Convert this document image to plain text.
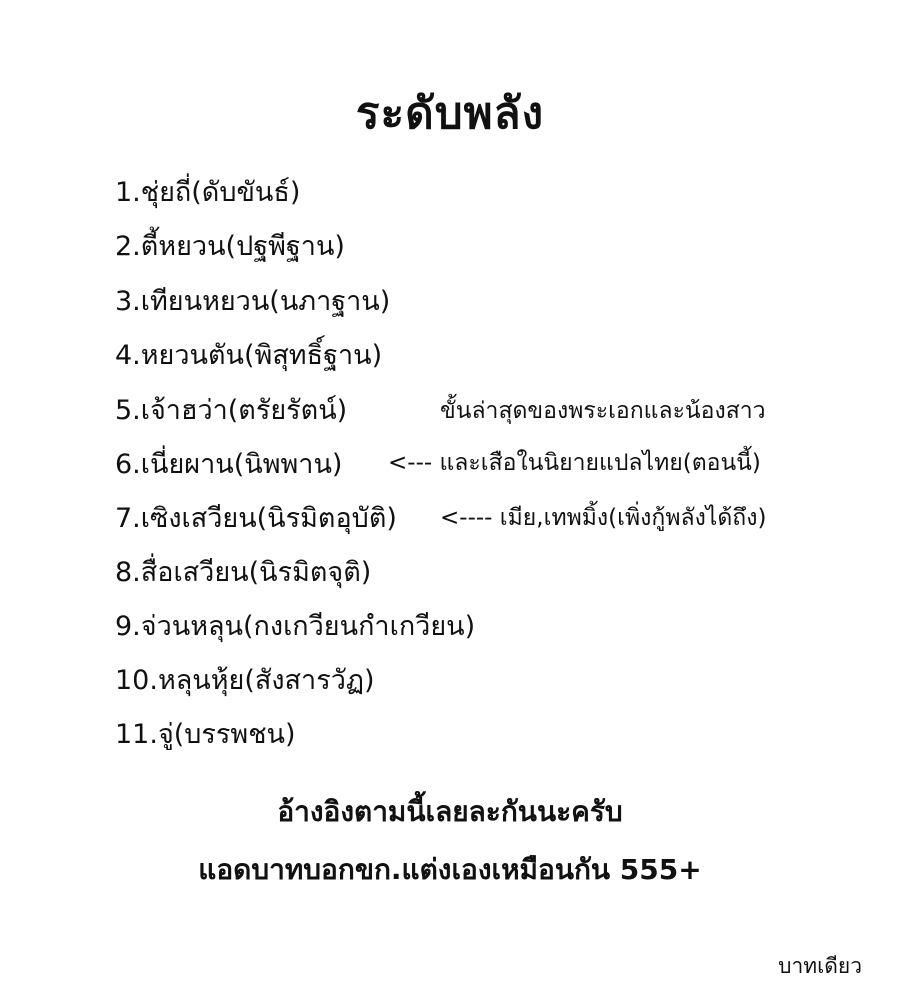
ระดับพลัง
1.ชุ่ยถี่(ดับขันธ์)
2.ตี้หยวน(ปฐพีฐาน)
3.เทียนหยวน(นภาฐาน)
4.หยวนตัน(พิสุทธิ์ฐาน)
5.เจ้าฮว่า(ตรัยรัตน์)
6.เนี่ยผาน(นิพพาน)
7.เซิงเสวียน(นิรมิตอุบัติ)
8.สื่อเสวียน(นิรมิตจุติ)
9.จ่วนหลุน(กงเกวียนกำเกวียน)
10.หลุนหุ้ย(สังสารวัฏ)
11.จู่(บรรพชน)
ขั้นล่าสุดของพระเอกและน้องสาว
<--- และเสือในนิยายแปลไทย(ตอนนี้)
<---- เมีย,เทพมิ้ง(เพิ่งกู้พลังได้ถึง)
อ้างอิงตามนี้เลยละกันนะครับ
แอดบาทบอกขก.แต่งเองเหมือนกัน 555+
บาทเดียว
